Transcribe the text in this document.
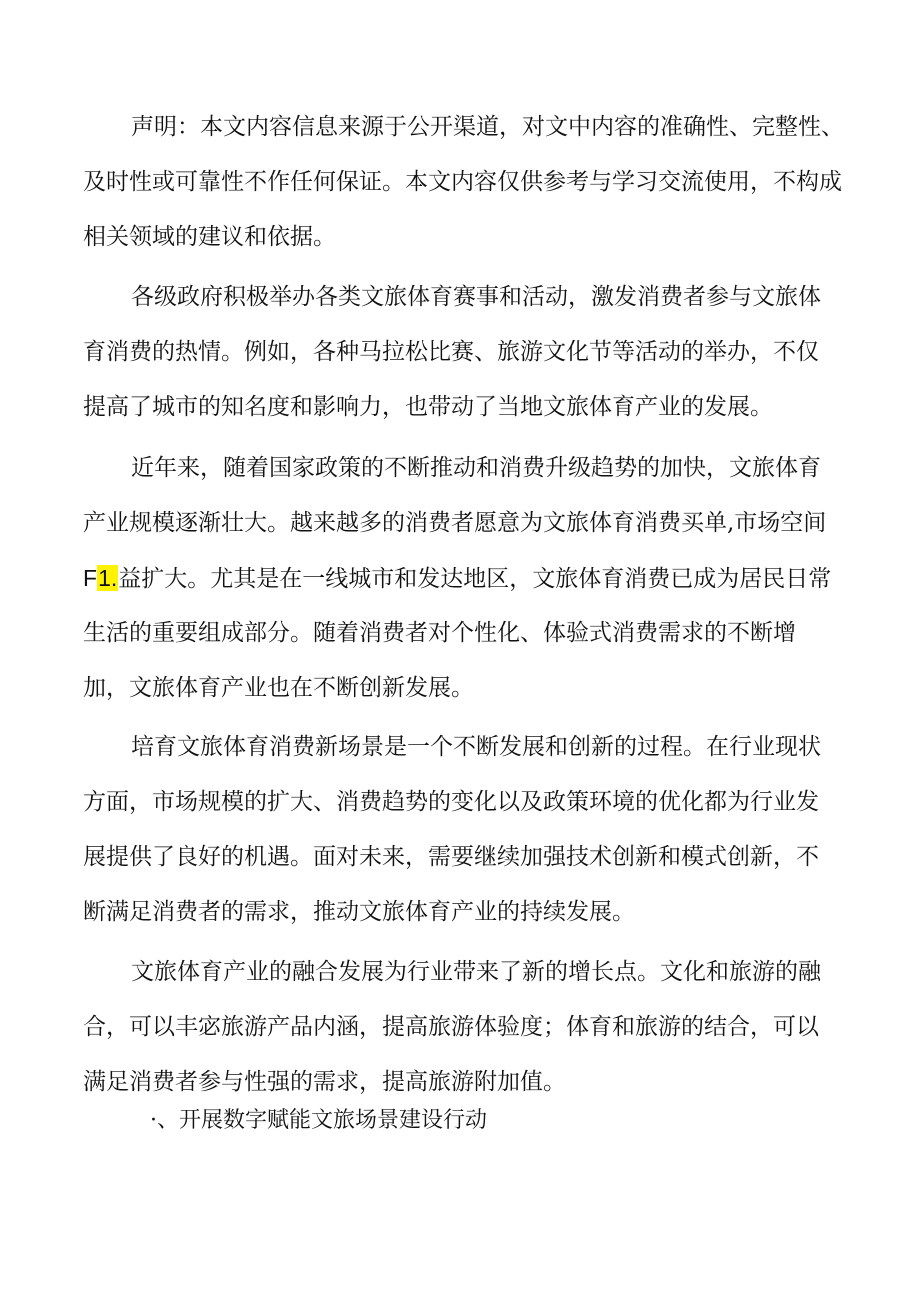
声明：本文内容信息来源于公开渠道，对文中内容的准确性、完整性、
及时性或可靠性不作任何保证。本文内容仅供参考与学习交流使用，不构成
相关领域的建议和依据。
各级政府积极举办各类文旅体育赛事和活动，激发消费者参与文旅体
育消费的热情。例如，各种马拉松比赛、旅游文化节等活动的举办，不仅
提高了城市的知名度和影响力，也带动了当地文旅体育产业的发展。
近年来，随着国家政策的不断推动和消费升级趋势的加快，文旅体育
产业规模逐渐壮大。越来越多的消费者愿意为文旅体育消费买单,市场空间
F1.益扩大。尤其是在一线城市和发达地区，文旅体育消费已成为居民日常
生活的重要组成部分。随着消费者对个性化、体验式消费需求的不断增
加，文旅体育产业也在不断创新发展。
培育文旅体育消费新场景是一个不断发展和创新的过程。在行业现状
方面，市场规模的扩大、消费趋势的变化以及政策环境的优化都为行业发
展提供了良好的机遇。面对未来，需要继续加强技术创新和模式创新，不
断满足消费者的需求，推动文旅体育产业的持续发展。
文旅体育产业的融合发展为行业带来了新的增长点。文化和旅游的融
合，可以丰宓旅游产品内涵，提高旅游体验度；体育和旅游的结合，可以
满足消费者参与性强的需求，提高旅游附加值。
·、开展数字赋能文旅场景建设行动
